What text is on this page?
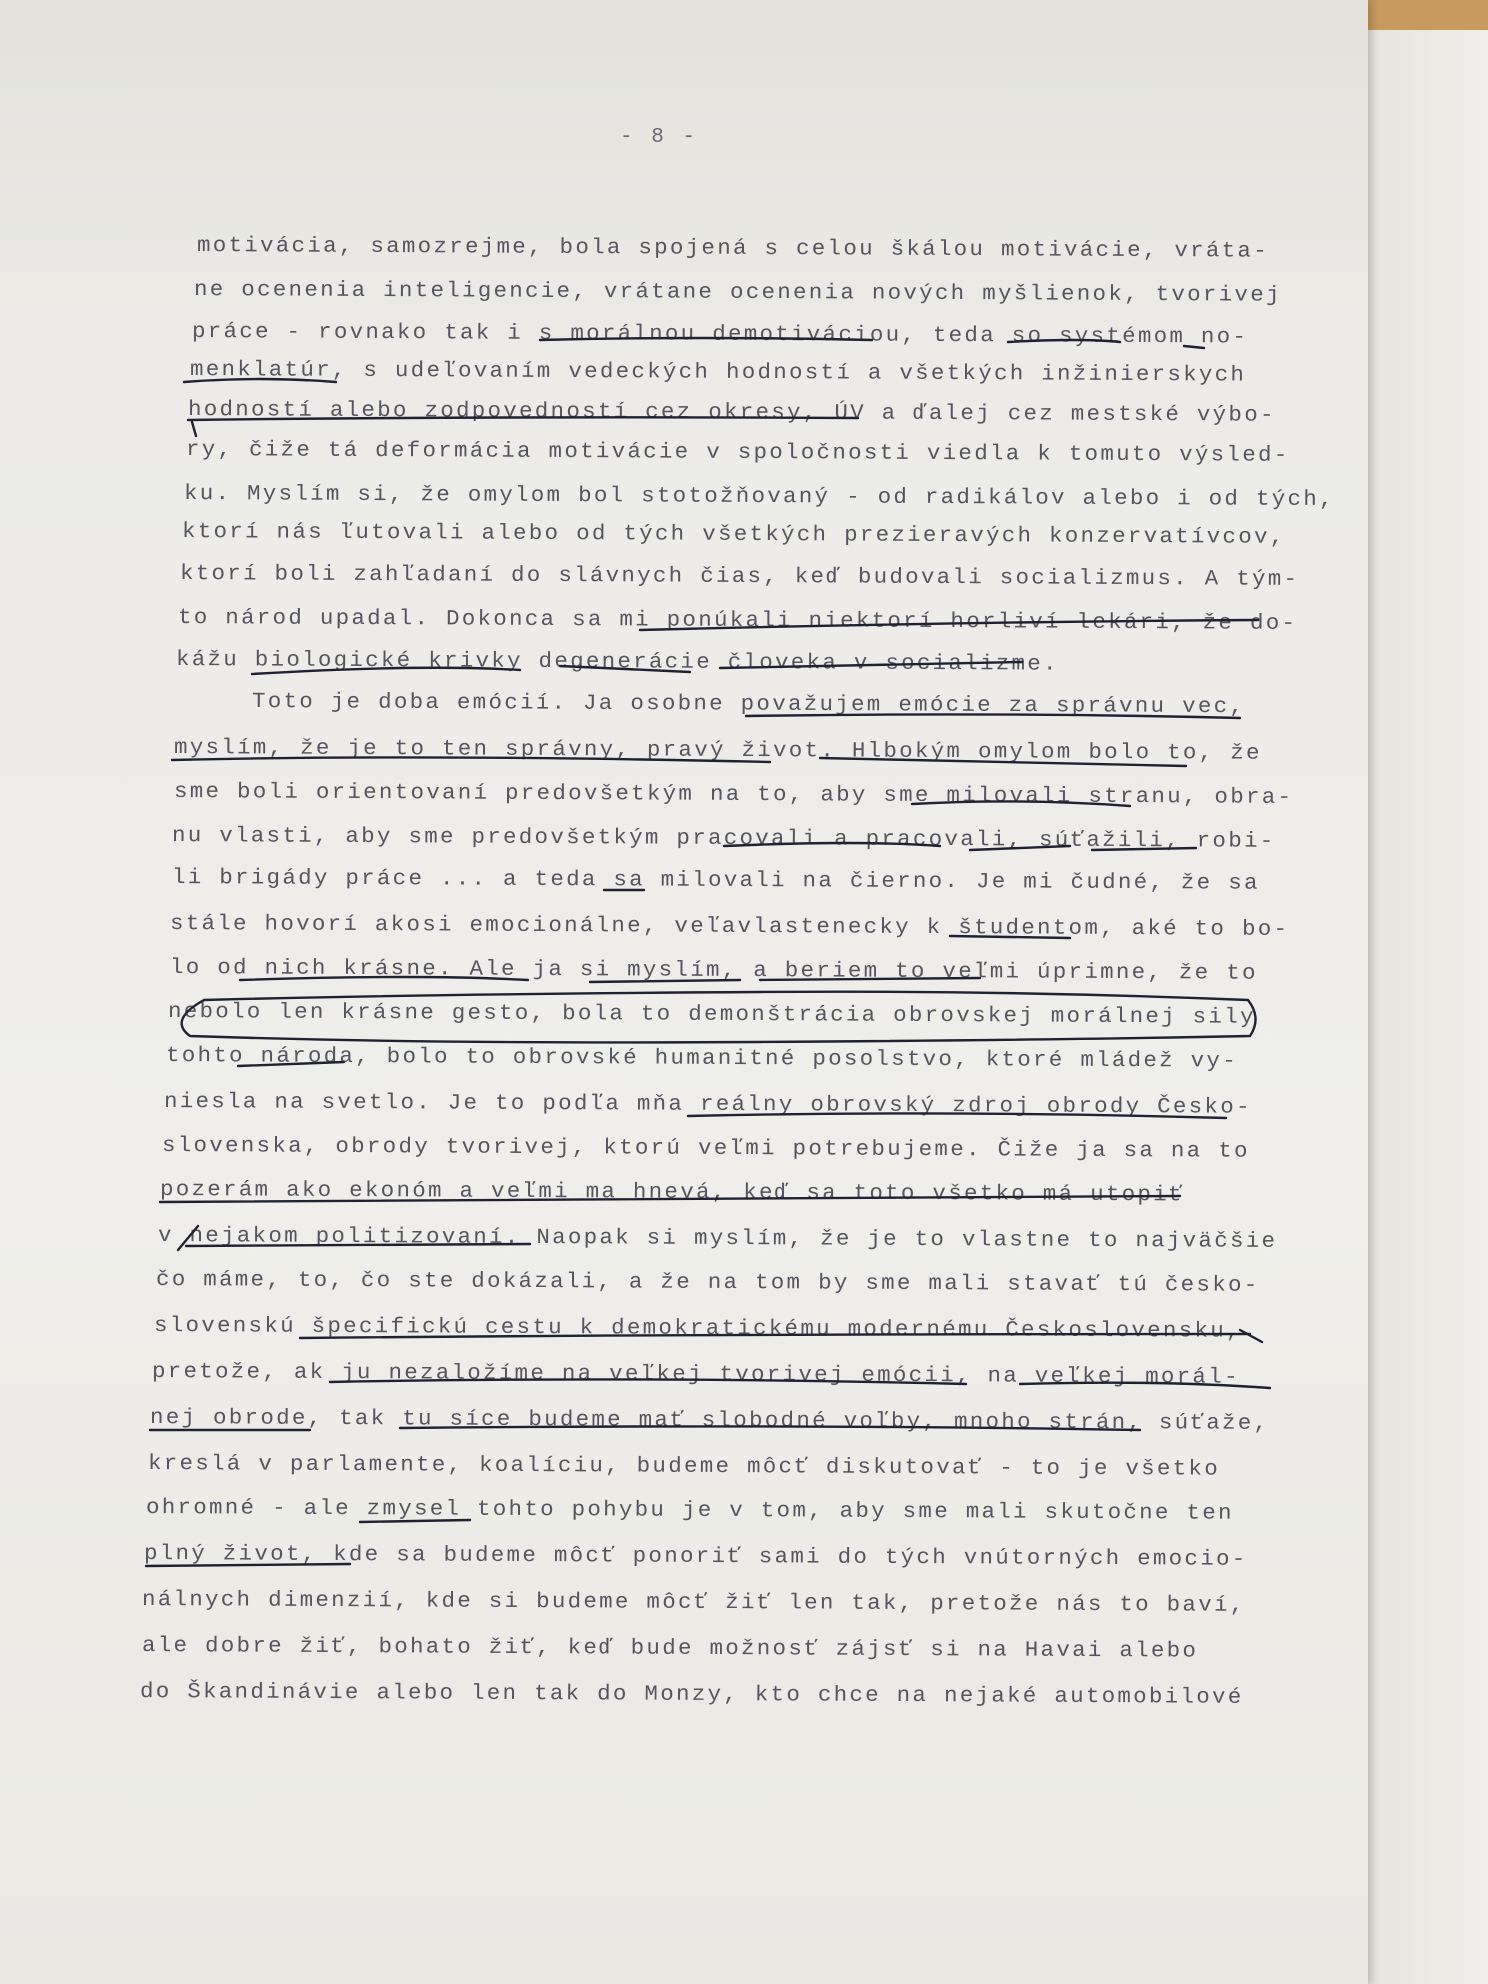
- 8 -
motivácia, samozrejme, bola spojená s celou škálou motivácie, vráta-
ne ocenenia inteligencie, vrátane ocenenia nových myšlienok, tvorivej
práce - rovnako tak i s morálnou demotiváciou, teda so systémom no-
menklatúr, s udeľovaním vedeckých hodností a všetkých inžinierskych
hodností alebo zodpovedností cez okresy, ÚV a ďalej cez mestské výbo-
ry, čiže tá deformácia motivácie v spoločnosti viedla k tomuto výsled-
ku. Myslím si, že omylom bol stotožňovaný - od radikálov alebo i od tých,
ktorí nás ľutovali alebo od tých všetkých prezieravých konzervatívcov,
ktorí boli zahľadaní do slávnych čias, keď budovali socializmus. A tým-
to národ upadal. Dokonca sa mi ponúkali niektorí horliví lekári, že do-
kážu biologické krivky degenerácie človeka v socializme.
Toto je doba emócií. Ja osobne považujem emócie za správnu vec,
myslím, že je to ten správny, pravý život. Hlbokým omylom bolo to, že
sme boli orientovaní predovšetkým na to, aby sme milovali stranu, obra-
nu vlasti, aby sme predovšetkým pracovali a pracovali, súťažili, robi-
li brigády práce ... a teda sa milovali na čierno. Je mi čudné, že sa
stále hovorí akosi emocionálne, veľavlastenecky k študentom, aké to bo-
lo od nich krásne. Ale ja si myslím, a beriem to veľmi úprimne, že to
nebolo len krásne gesto, bola to demonštrácia obrovskej morálnej sily
tohto národa, bolo to obrovské humanitné posolstvo, ktoré mládež vy-
niesla na svetlo. Je to podľa mňa reálny obrovský zdroj obrody Česko-
slovenska, obrody tvorivej, ktorú veľmi potrebujeme. Čiže ja sa na to
pozerám ako ekonóm a veľmi ma hnevá, keď sa toto všetko má utopiť
v nejakom politizovaní. Naopak si myslím, že je to vlastne to najväčšie
čo máme, to, čo ste dokázali, a že na tom by sme mali stavať tú česko-
slovenskú špecifickú cestu k demokratickému modernému Československu,
pretože, ak ju nezaložíme na veľkej tvorivej emócii, na veľkej morál-
nej obrode, tak tu síce budeme mať slobodné voľby, mnoho strán, súťaže,
kreslá v parlamente, koalíciu, budeme môcť diskutovať - to je všetko
ohromné - ale zmysel tohto pohybu je v tom, aby sme mali skutočne ten
plný život, kde sa budeme môcť ponoriť sami do tých vnútorných emocio-
nálnych dimenzií, kde si budeme môcť žiť len tak, pretože nás to baví,
ale dobre žiť, bohato žiť, keď bude možnosť zájsť si na Havai alebo
do Škandinávie alebo len tak do Monzy, kto chce na nejaké automobilové
